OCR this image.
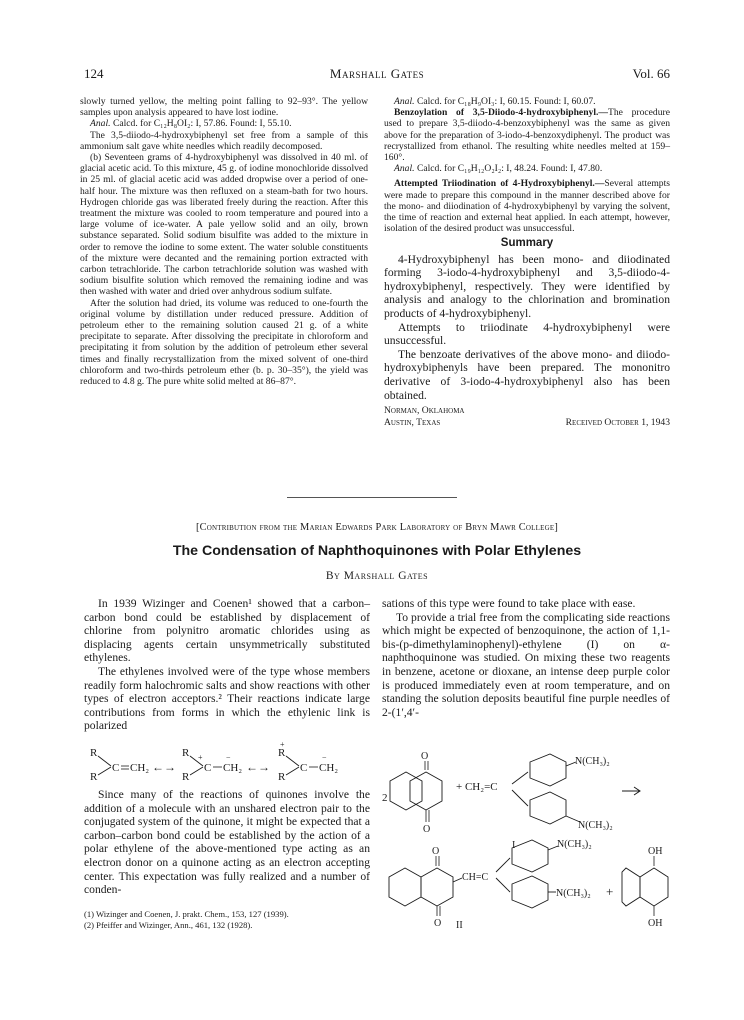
124	Marshall Gates	Vol. 66

slowly turned yellow, the melting point falling to 92–93°. The yellow samples upon analysis appeared to have lost iodine.

Anal. Calcd. for C₁₂H₈OI₂: I, 57.86. Found: I, 55.10.

The 3,5-diiodo-4-hydroxybiphenyl set free from a sample of this ammonium salt gave white needles which readily decomposed.

(b) Seventeen grams of 4-hydroxybiphenyl was dissolved in 40 ml. of glacial acetic acid. To this mixture, 45 g. of iodine monochloride dissolved in 25 ml. of glacial acetic acid was added dropwise over a period of one-half hour. The mixture was then refluxed on a steam-bath for two hours. Hydrogen chloride gas was liberated freely during the reaction. After this treatment the mixture was cooled to room temperature and poured into a large volume of ice-water. A pale yellow solid and an oily, brown substance separated. Solid sodium bisulfite was added to the mixture in order to remove the iodine to some extent. The water soluble constituents of the mixture were decanted and the remaining portion extracted with carbon tetrachloride. The carbon tetrachloride solution was washed with sodium bisulfite solution which removed the remaining iodine and was then washed with water and dried over anhydrous sodium sulfate.

After the solution had dried, its volume was reduced to one-fourth the original volume by distillation under reduced pressure. Addition of petroleum ether to the remaining solution caused 21 g. of a white precipitate to separate. After dissolving the precipitate in chloroform and precipitating it from solution by the addition of petroleum ether several times and finally recrystallization from the mixed solvent of one-third chloroform and two-thirds petroleum ether (b. p. 30–35°), the yield was reduced to 4.8 g. The pure white solid melted at 86–87°.

Anal. Calcd. for C₁₈H₉OI₃: I, 60.15. Found: I, 60.07.

Benzoylation of 3,5-Diiodo-4-hydroxybiphenyl.—The procedure used to prepare 3,5-diiodo-4-benzoxybiphenyl was the same as given above for the preparation of 3-iodo-4-benzoxydiphenyl. The product was recrystallized from ethanol. The resulting white needles melted at 159–160°.

Anal. Calcd. for C₁₉H₁₂O₂I₂: I, 48.24. Found: I, 47.80.

Attempted Triiodination of 4-Hydroxybiphenyl.—Several attempts were made to prepare this compound in the manner described above for the mono- and diiodination of 4-hydroxybiphenyl by varying the solvent, the time of reaction and external heat applied. In each attempt, however, isolation of the desired product was unsuccessful.

Summary

4-Hydroxybiphenyl has been mono- and diiodinated forming 3-iodo-4-hydroxybiphenyl and 3,5-diiodo-4-hydroxybiphenyl, respectively. They were identified by analysis and analogy to the chlorination and bromination products of 4-hydroxybiphenyl.

Attempts to triiodinate 4-hydroxybiphenyl were unsuccessful.

The benzoate derivatives of the above mono- and diiodo-hydroxybiphenyls have been prepared. The mononitro derivative of 3-iodo-4-hydroxybiphenyl also has been obtained.

Norman, Oklahoma
Austin, Texas	Received October 1, 1943
[Contribution from the Marian Edwards Park Laboratory of Bryn Mawr College]
The Condensation of Naphthoquinones with Polar Ethylenes
By Marshall Gates

In 1939 Wizinger and Coenen¹ showed that a carbon–carbon bond could be established by displacement of chlorine from polynitro aromatic chlorides using as displacing agents certain unsymmetrically substituted ethylenes.

The ethylenes involved were of the type whose members readily form halochromic salts and show reactions with other types of electron acceptors.² Their reactions indicate large contributions from forms in which the ethylenic link is polarized

R
R
C CH₂ ←→
R
R
+
C CH₂
−
←→
R
R
+
C CH₂
−

Since many of the reactions of quinones involve the addition of a molecule with an unshared electron pair to the conjugated system of the quinone, it might be expected that a carbon–carbon bond could be established by the action of a polar ethylene of the above-mentioned type acting as an electron donor on a quinone acting as an electron accepting center. This expectation was fully realized and a number of conden-

(1) Wizinger and Coenen, J. prakt. Chem., 153, 127 (1939).
(2) Pfeiffer and Wizinger, Ann., 461, 132 (1928).

sations of this type were found to take place with ease.

To provide a trial free from the complicating side reactions which might be expected of benzoquinone, the action of 1,1-bis-(p-dimethylaminophenyl)-ethylene (I) on α-naphthoquinone was studied. On mixing these two reagents in benzene, acetone or dioxane, an intense deep purple color is produced immediately even at room temperature, and on standing the solution deposits beautiful fine purple needles of 2-(1′,4′-

2
O
O
+ CH₂=C
N(CH₃)₂
N(CH₃)₂
I
O
O
CH=C
N(CH₃)₂
N(CH₃)₂ +
II
OH
OH
